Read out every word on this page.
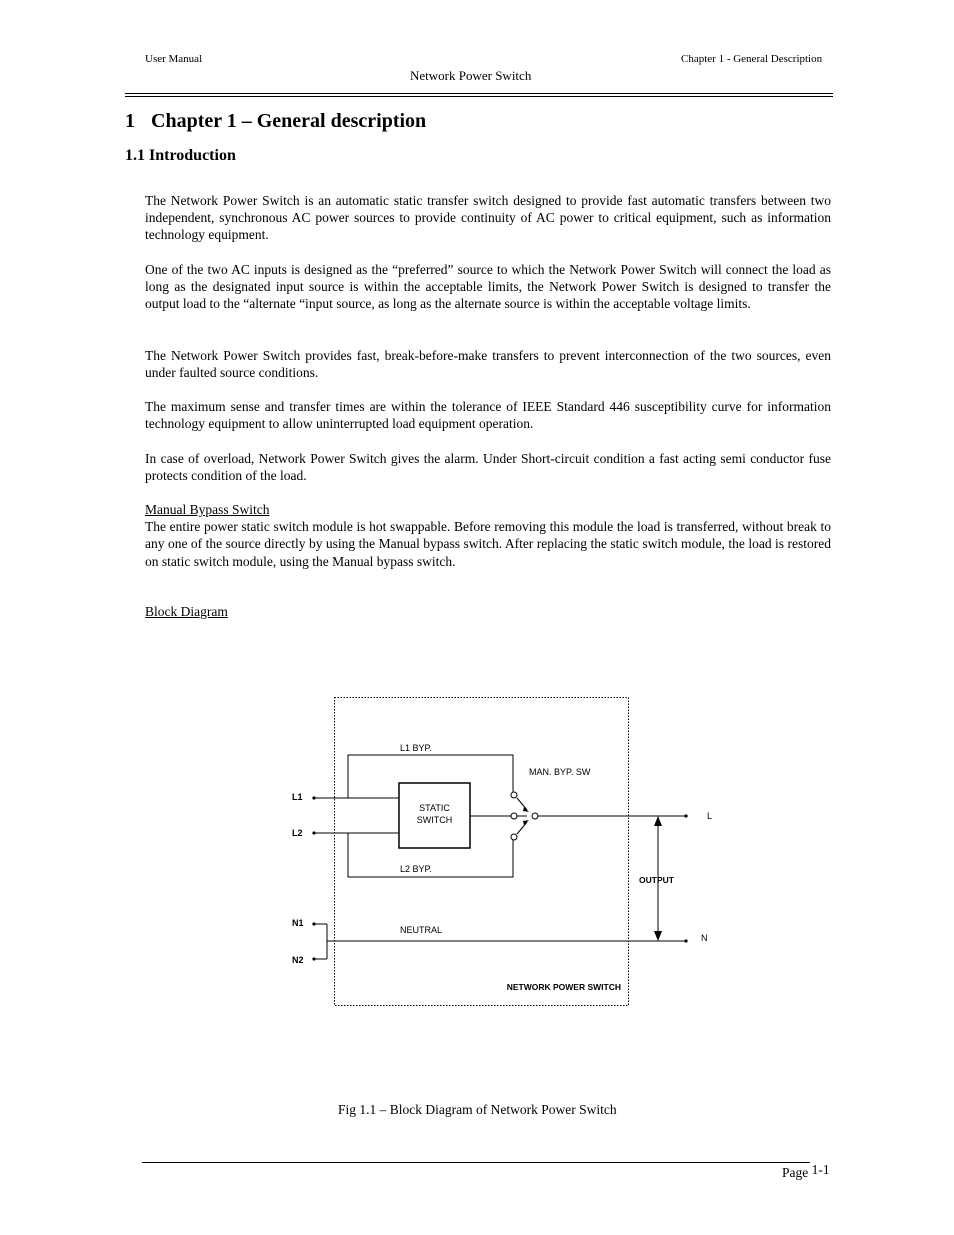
User Manual	Chapter 1 - General Description
Network Power Switch
1 Chapter 1 – General description
1.1 Introduction

The Network Power Switch is an automatic static transfer switch designed to provide fast automatic transfers between two independent, synchronous AC power sources to provide continuity of AC power to critical equipment, such as information technology equipment.

One of the two AC inputs is designed as the “preferred” source to which the Network Power Switch will connect the load as long as the designated input source is within the acceptable limits, the Network Power Switch is designed to transfer the output load to the “alternate “input source, as long as the alternate source is within the acceptable voltage limits.

The Network Power Switch provides fast, break-before-make transfers to prevent interconnection of the two sources, even under faulted source conditions.

The maximum sense and transfer times are within the tolerance of IEEE Standard 446 susceptibility curve for information technology equipment to allow uninterrupted load equipment operation.

In case of overload, Network Power Switch gives the alarm. Under Short-circuit condition a fast acting semi conductor fuse protects condition of the load.

Manual Bypass Switch
The entire power static switch module is hot swappable. Before removing this module the load is transferred, without break to any one of the source directly by using the Manual bypass switch. After replacing the static switch module, the load is restored on static switch module, using the Manual bypass switch.
Block Diagram
L1
L2
N1
N2
L1 BYP.
L2 BYP.
MAN. BYP. SW
STATIC
SWITCH
NEUTRAL
OUTPUT
L
N
NETWORK POWER SWITCH
Fig 1.1 – Block Diagram of Network Power Switch
Page 1-1
